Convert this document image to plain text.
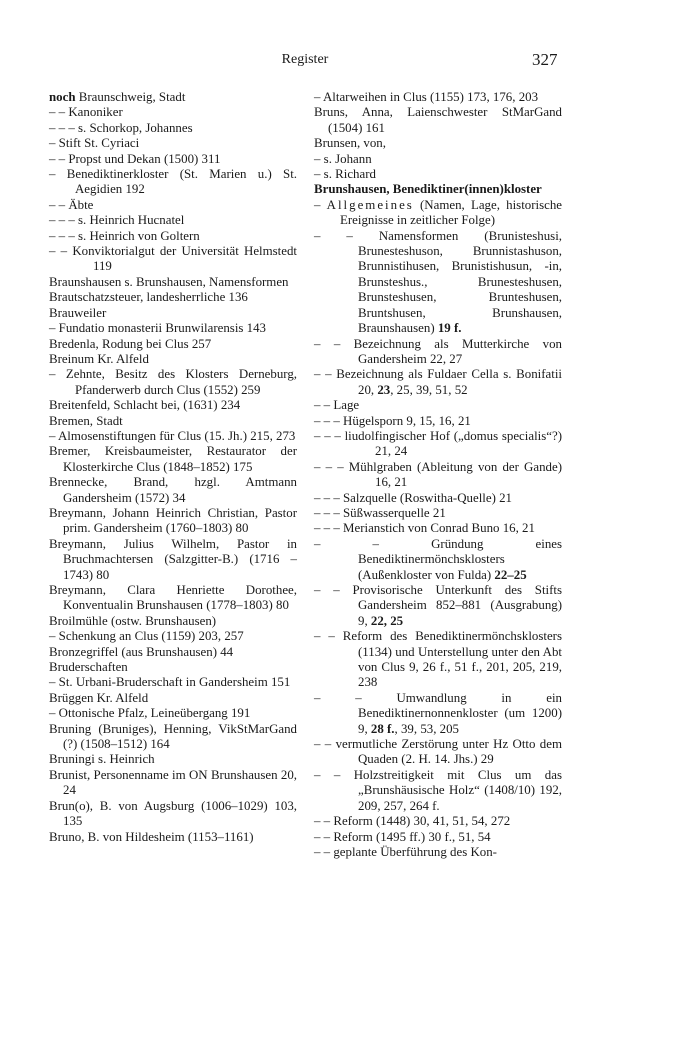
Register	327
noch Braunschweig, Stadt
– – Kanoniker
– – – s. Schorkop, Johannes
– Stift St. Cyriaci
– – Propst und Dekan (1500) 311
– Benediktinerkloster (St. Marien u.) St. Aegidien 192
– – Äbte
– – – s. Heinrich Hucnatel
– – – s. Heinrich von Goltern
– – Konviktorialgut der Universität Helmstedt 119
Braunshausen s. Brunshausen, Namensformen
Brautschatzsteuer, landesherrliche 136
Brauweiler
– Fundatio monasterii Brunwilarensis 143
Bredenla, Rodung bei Clus 257
Breinum Kr. Alfeld
– Zehnte, Besitz des Klosters Derneburg, Pfanderwerb durch Clus (1552) 259
Breitenfeld, Schlacht bei, (1631) 234
Bremen, Stadt
– Almosenstiftungen für Clus (15. Jh.) 215, 273
Bremer, Kreisbaumeister, Restaurator der Klosterkirche Clus (1848–1852) 175
Brennecke, Brand, hzgl. Amtmann Gandersheim (1572) 34
Breymann, Johann Heinrich Christian, Pastor prim. Gandersheim (1760–1803) 80
Breymann, Julius Wilhelm, Pastor in Bruchmachtersen (Salzgitter-B.) (1716 –1743) 80
Breymann, Clara Henriette Dorothee, Konventualin Brunshausen (1778–1803) 80
Broilmühle (ostw. Brunshausen)
– Schenkung an Clus (1159) 203, 257
Bronzegriffel (aus Brunshausen) 44
Bruderschaften
– St. Urbani-Bruderschaft in Gandersheim 151
Brüggen Kr. Alfeld
– Ottonische Pfalz, Leineübergang 191
Bruning (Bruniges), Henning, VikStMarGand (?) (1508–1512) 164
Bruningi s. Heinrich
Brunist, Personenname im ON Brunshausen 20, 24
Brun(o), B. von Augsburg (1006–1029) 103, 135
Bruno, B. von Hildesheim (1153–1161)
– Altarweihen in Clus (1155) 173, 176, 203
Bruns, Anna, Laienschwester StMarGand (1504) 161
Brunsen, von,
– s. Johann
– s. Richard
Brunshausen, Benediktiner(innen)kloster
– Allgemeines (Namen, Lage, historische Ereignisse in zeitlicher Folge)
– – Namensformen (Brunisteshusi, Brunesteshuson, Brunnistashuson, Brunnistihusen, Brunistishusun, -in, Brunsteshus., Brunesteshusen, Brunsteshusen, Brunteshusen, Bruntshusen, Brunshausen, Braunshausen) 19 f.
– – Bezeichnung als Mutterkirche von Gandersheim 22, 27
– – Bezeichnung als Fuldaer Cella s. Bonifatii 20, 23, 25, 39, 51, 52
– – Lage
– – – Hügelsporn 9, 15, 16, 21
– – – liudolfingischer Hof („domus specialis“?) 21, 24
– – – Mühlgraben (Ableitung von der Gande) 16, 21
– – – Salzquelle (Roswitha-Quelle) 21
– – – Süßwasserquelle 21
– – – Merianstich von Conrad Buno 16, 21
– – Gründung eines Benediktinermönchsklosters (Außenkloster von Fulda) 22–25
– – Provisorische Unterkunft des Stifts Gandersheim 852–881 (Ausgrabung) 9, 22, 25
– – Reform des Benediktinermönchsklosters (1134) und Unterstellung unter den Abt von Clus 9, 26 f., 51 f., 201, 205, 219, 238
– – Umwandlung in ein Benediktinernonnenkloster (um 1200) 9, 28 f., 39, 53, 205
– – vermutliche Zerstörung unter Hz Otto dem Quaden (2. H. 14. Jhs.) 29
– – Holzstreitigkeit mit Clus um das „Brunshäusische Holz“ (1408/10) 192, 209, 257, 264 f.
– – Reform (1448) 30, 41, 51, 54, 272
– – Reform (1495 ff.) 30 f., 51, 54
– – geplante Überführung des Kon-
